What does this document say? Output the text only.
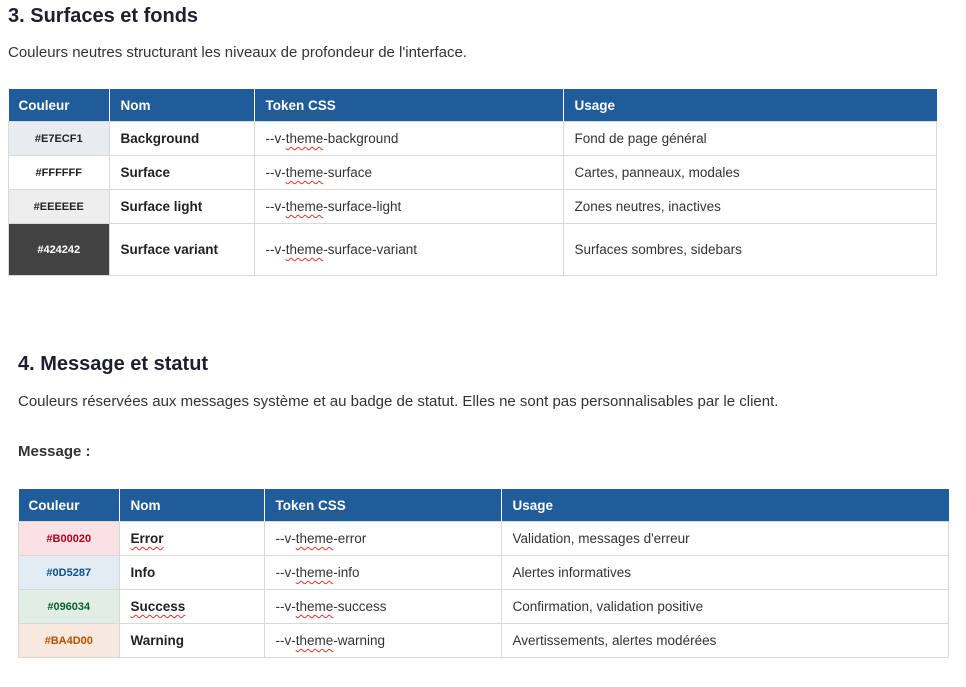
3. Surfaces et fonds

Couleurs neutres structurant les niveaux de profondeur de l'interface.

Couleur	Nom	Token CSS	Usage
#E7ECF1	Background	--v-theme-background	Fond de page général
#FFFFFF	Surface	--v-theme-surface	Cartes, panneaux, modales
#EEEEEE	Surface light	--v-theme-surface-light	Zones neutres, inactives
#424242	Surface variant	--v-theme-surface-variant	Surfaces sombres, sidebars
4. Message et statut

Couleurs réservées aux messages système et au badge de statut. Elles ne sont pas personnalisables par le client.

Message :

Couleur	Nom	Token CSS	Usage
#B00020	Error	--v-theme-error	Validation, messages d'erreur
#0D5287	Info	--v-theme-info	Alertes informatives
#096034	Success	--v-theme-success	Confirmation, validation positive
#BA4D00	Warning	--v-theme-warning	Avertissements, alertes modérées
